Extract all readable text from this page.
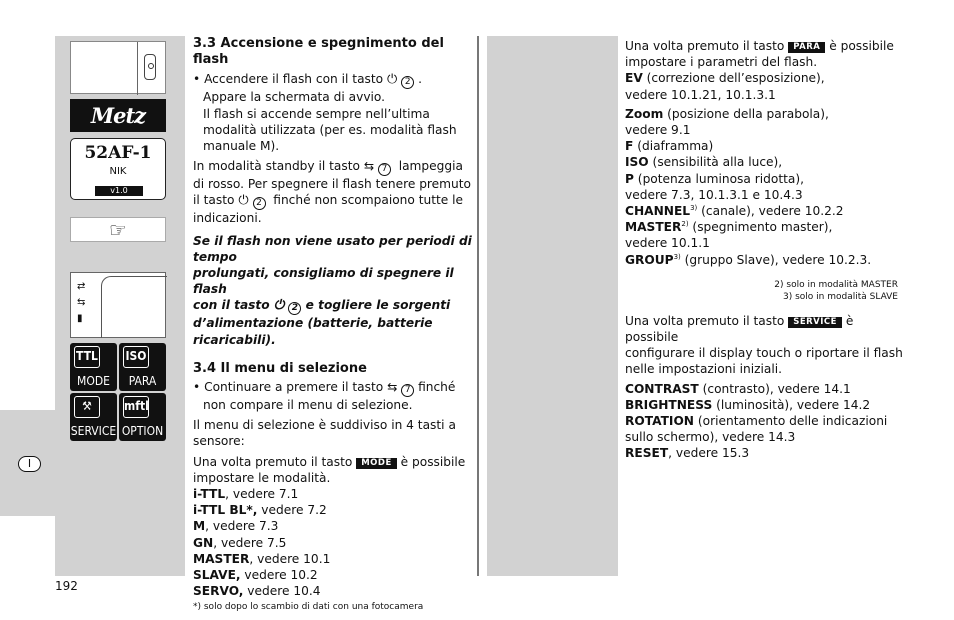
I
Metz
52AF-1
NIK
v1.0
☞
⇄
⇆
▮
TTL
MODE
ISO
PARA
⚒
SERVICE
mftl
OPTION
3.3 Accensione e spegnimento del flash
• Accendere il flash con il tasto ⏻ 2 .
Appare la schermata di avvio.
Il flash si accende sempre nell’ultima
modalità utilizzata (per es. modalità flash
manuale M).
In modalità standby il tasto ⇆ 7 lampeggia
di rosso. Per spegnere il flash tenere premuto
il tasto ⏻ 2 finché non scompaiono tutte le
indicazioni.
Se il flash non viene usato per periodi di tempo
prolungati, consigliamo di spegnere il flash
con il tasto ⏻ 2 e togliere le sorgenti
d’alimentazione (batterie, batterie ricaricabili).
3.4 Il menu di selezione
• Continuare a premere il tasto ⇆ 7 finché
non compare il menu di selezione.
Il menu di selezione è suddiviso in 4 tasti a
sensore:
Una volta premuto il tasto MODE è possibile
impostare le modalità.
i-TTL, vedere 7.1
i-TTL BL*, vedere 7.2
M, vedere 7.3
GN, vedere 7.5
MASTER, vedere 10.1
SLAVE, vedere 10.2
SERVO, vedere 10.4
*) solo dopo lo scambio di dati con una fotocamera
Una volta premuto il tasto PARA è possibile
impostare i parametri del flash.
EV (correzione dell’esposizione),
vedere 10.1.21, 10.1.3.1
Zoom (posizione della parabola),
vedere 9.1
F (diaframma)
ISO (sensibilità alla luce),
P (potenza luminosa ridotta),
vedere 7.3, 10.1.3.1 e 10.4.3
CHANNEL$^{3)}$ (canale), vedere 10.2.2
MASTER$^{2)}$ (spegnimento master),
vedere 10.1.1
GROUP$^{3)}$ (gruppo Slave), vedere 10.2.3.
2) solo in modalità MASTER
3) solo in modalità SLAVE
Una volta premuto il tasto SERVICE è possibile
configurare il display touch o riportare il flash
nelle impostazioni iniziali.
CONTRAST (contrasto), vedere 14.1
BRIGHTNESS (luminosità), vedere 14.2
ROTATION (orientamento delle indicazioni
sullo schermo), vedere 14.3
RESET, vedere 15.3
192
